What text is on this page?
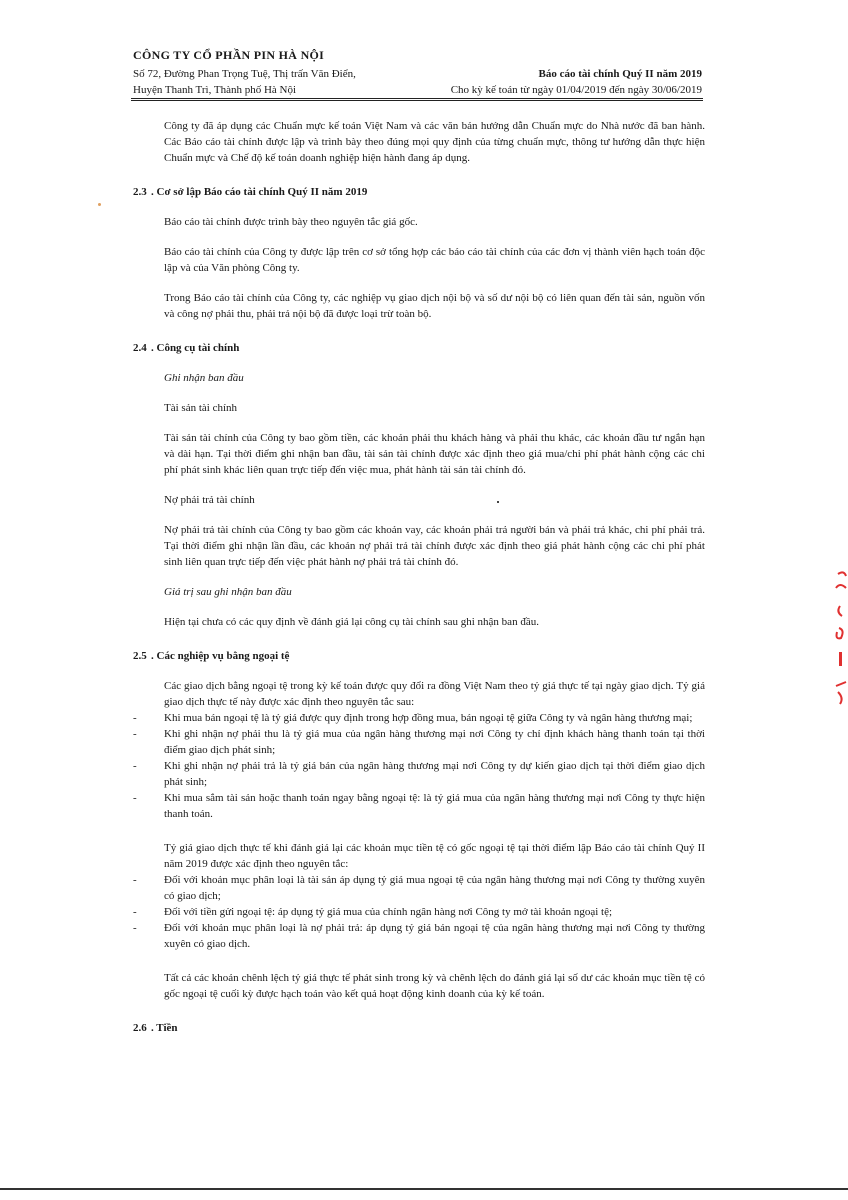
CÔNG TY CỔ PHẦN PIN HÀ NỘI
Số 72, Đường Phan Trọng Tuệ, Thị trấn Văn Điển,
Huyện Thanh Trì, Thành phố Hà Nội
Báo cáo tài chính Quý II năm 2019
Cho kỳ kế toán từ ngày 01/04/2019 đến ngày 30/06/2019

Công ty đã áp dụng các Chuẩn mực kế toán Việt Nam và các văn bản hướng dẫn Chuẩn mực do Nhà nước đã ban hành. Các Báo cáo tài chính được lập và trình bày theo đúng mọi quy định của từng chuẩn mực, thông tư hướng dẫn thực hiện Chuẩn mực và Chế độ kế toán doanh nghiệp hiện hành đang áp dụng.

2.3 . Cơ sở lập Báo cáo tài chính Quý II năm 2019

Báo cáo tài chính được trình bày theo nguyên tắc giá gốc.

Báo cáo tài chính của Công ty được lập trên cơ sở tổng hợp các báo cáo tài chính của các đơn vị thành viên hạch toán độc lập và của Văn phòng Công ty.

Trong Báo cáo tài chính của Công ty, các nghiệp vụ giao dịch nội bộ và số dư nội bộ có liên quan đến tài sản, nguồn vốn và công nợ phải thu, phải trả nội bộ đã được loại trừ toàn bộ.

2.4 . Công cụ tài chính

Ghi nhận ban đầu

Tài sản tài chính

Tài sản tài chính của Công ty bao gồm tiền, các khoản phải thu khách hàng và phải thu khác, các khoản đầu tư ngắn hạn và dài hạn. Tại thời điểm ghi nhận ban đầu, tài sản tài chính được xác định theo giá mua/chi phí phát hành cộng các chi phí phát sinh khác liên quan trực tiếp đến việc mua, phát hành tài sản tài chính đó.

Nợ phải trả tài chính

Nợ phải trả tài chính của Công ty bao gồm các khoản vay, các khoản phải trả người bán và phải trả khác, chi phí phải trả. Tại thời điểm ghi nhận lần đầu, các khoản nợ phải trả tài chính được xác định theo giá phát hành cộng các chi phí phát sinh liên quan trực tiếp đến việc phát hành nợ phải trả tài chính đó.

Giá trị sau ghi nhận ban đầu

Hiện tại chưa có các quy định về đánh giá lại công cụ tài chính sau ghi nhận ban đầu.

2.5 . Các nghiệp vụ bằng ngoại tệ

Các giao dịch bằng ngoại tệ trong kỳ kế toán được quy đổi ra đồng Việt Nam theo tỷ giá thực tế tại ngày giao dịch. Tỷ giá giao dịch thực tế này được xác định theo nguyên tắc sau:

-	Khi mua bán ngoại tệ là tỷ giá được quy định trong hợp đồng mua, bán ngoại tệ giữa Công ty và ngân hàng thương mại;
-	Khi ghi nhận nợ phải thu là tỷ giá mua của ngân hàng thương mại nơi Công ty chỉ định khách hàng thanh toán tại thời điểm giao dịch phát sinh;
-	Khi ghi nhận nợ phải trả là tỷ giá bán của ngân hàng thương mại nơi Công ty dự kiến giao dịch tại thời điểm giao dịch phát sinh;
-	Khi mua sắm tài sản hoặc thanh toán ngay bằng ngoại tệ: là tỷ giá mua của ngân hàng thương mại nơi Công ty thực hiện thanh toán.

Tỷ giá giao dịch thực tế khi đánh giá lại các khoản mục tiền tệ có gốc ngoại tệ tại thời điểm lập Báo cáo tài chính Quý II năm 2019 được xác định theo nguyên tắc:

-	Đối với khoản mục phân loại là tài sản áp dụng tỷ giá mua ngoại tệ của ngân hàng thương mại nơi Công ty thường xuyên có giao dịch;
-	Đối với tiền gửi ngoại tệ: áp dụng tỷ giá mua của chính ngân hàng nơi Công ty mở tài khoản ngoại tệ;
-	Đối với khoản mục phân loại là nợ phải trả: áp dụng tỷ giá bán ngoại tệ của ngân hàng thương mại nơi Công ty thường xuyên có giao dịch.

Tất cả các khoản chênh lệch tỷ giá thực tế phát sinh trong kỳ và chênh lệch do đánh giá lại số dư các khoản mục tiền tệ có gốc ngoại tệ cuối kỳ được hạch toán vào kết quả hoạt động kinh doanh của kỳ kế toán.

2.6 . Tiền
